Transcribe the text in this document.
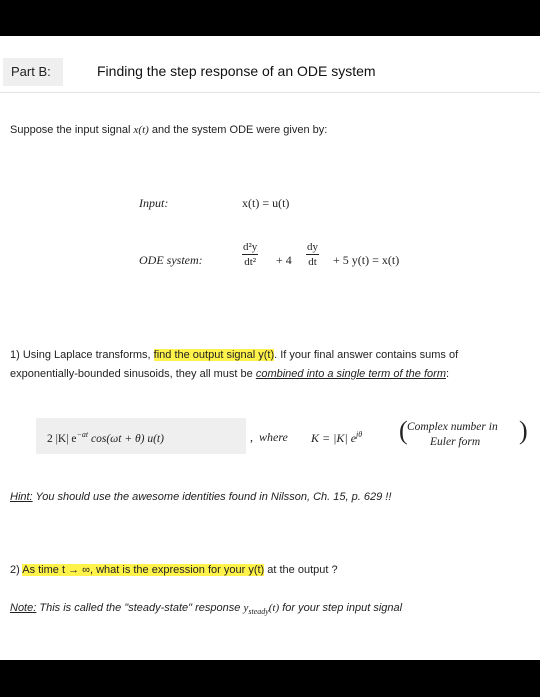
Part B:	Finding the step response of an ODE system
Suppose the input signal x(t) and the system ODE were given by:
Input:	x(t) = u(t)
ODE system:
d²y
dt² + 4
dy
dt + 5 y(t) = x(t)
1) Using Laplace transforms, find the output signal y(t). If your final answer contains sums of
exponentially-bounded sinusoids, they all must be combined into a single term of the form:
2 |K| $e^{-at}$ cos(ωt + θ) u(t)	, where K = |K| $e^{j\theta}$ ( Complex number in
Euler form )
Hint: You should use the awesome identities found in Nilsson, Ch. 15, p. 629 !!
2) As time t → ∞, what is the expression for your y(t) at the output ?
Note: This is called the "steady-state" response $y_{steady}(t)$ for your step input signal
